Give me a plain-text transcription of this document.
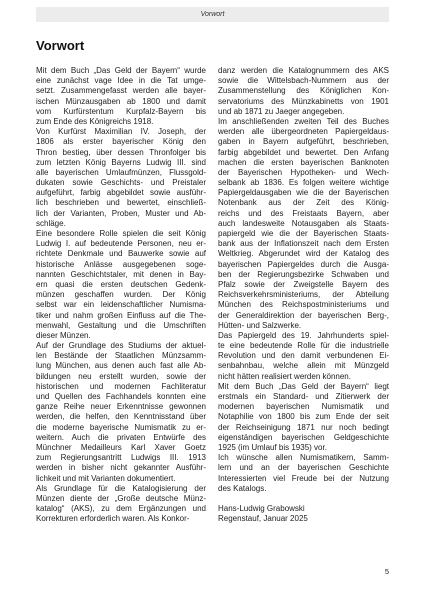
Vorwort
Vorwort
Mit dem Buch „Das Geld der Bayern“ wurde
eine zunächst vage Idee in die Tat umge-
setzt. Zusammengefasst werden alle bayer-
ischen Münzausgaben ab 1800 und damit
vom Kurfürstentum Kurpfalz-Bayern bis
zum Ende des Königreichs 1918.
Von Kurfürst Maximilian IV. Joseph, der
1806 als erster bayerischer König den
Thron bestieg, über dessen Thronfolger bis
zum letzten König Bayerns Ludwig III. sind
alle bayerischen Umlaufmünzen, Flussgold-
dukaten sowie Geschichts- und Preistaler
aufgeführt, farbig abgebildet sowie ausführ-
lich beschrieben und bewertet, einschließ-
lich der Varianten, Proben, Muster und Ab-
schläge.
Eine besondere Rolle spielen die seit König
Ludwig I. auf bedeutende Personen, neu er-
richtete Denkmale und Bauwerke sowie auf
historische Anlässe ausgegebenen soge-
nannten Geschichtstaler, mit denen in Bay-
ern quasi die ersten deutschen Gedenk-
münzen geschaffen wurden. Der König
selbst war ein leidenschaftlicher Numisma-
tiker und nahm großen Einfluss auf die The-
menwahl, Gestaltung und die Umschriften
dieser Münzen.
Auf der Grundlage des Studiums der aktuel-
len Bestände der Staatlichen Münzsamm-
lung München, aus denen auch fast alle Ab-
bildungen neu erstellt wurden, sowie der
historischen und modernen Fachliteratur
und Quellen des Fachhandels konnten eine
ganze Reihe neuer Erkenntnisse gewonnen
werden, die helfen, den Kenntnisstand über
die moderne bayerische Numismatik zu er-
weitern. Auch die privaten Entwürfe des
Münchner Medailleurs Karl Xaver Goetz
zum Regierungsantritt Ludwigs III. 1913
werden in bisher nicht gekannter Ausführ-
lichkeit und mit Varianten dokumentiert.
Als Grundlage für die Katalogisierung der
Münzen diente der „Große deutsche Münz-
katalog“ (AKS), zu dem Ergänzungen und
Korrekturen erforderlich waren. Als Konkor-
danz werden die Katalognummern des AKS
sowie die Wittelsbach-Nummern aus der
Zusammenstellung des Königlichen Kon-
servatoriums des Münzkabinetts von 1901
und ab 1871 zu Jaeger angegeben.
Im anschließenden zweiten Teil des Buches
werden alle übergeordneten Papiergeldaus-
gaben in Bayern aufgeführt, beschrieben,
farbig abgebildet und bewertet. Den Anfang
machen die ersten bayerischen Banknoten
der Bayerischen Hypotheken- und Wech-
selbank ab 1836. Es folgen weitere wichtige
Papiergeldausgaben wie die der Bayerischen
Notenbank aus der Zeit des König-
reichs und des Freistaats Bayern, aber
auch landesweite Notausgaben als Staats-
papiergeld wie die der Bayerischen Staats-
bank aus der Inflationszeit nach dem Ersten
Weltkrieg. Abgerundet wird der Katalog des
bayerischen Papiergeldes durch die Ausga-
ben der Regierungsbezirke Schwaben und
Pfalz sowie der Zweigstelle Bayern des
Reichsverkehrsministeriums, der Abteilung
München des Reichspostministeriums und
der Generaldirektion der bayerischen Berg-,
Hütten- und Salzwerke.
Das Papiergeld des 19. Jahrhunderts spiel-
te eine bedeutende Rolle für die industrielle
Revolution und den damit verbundenen Ei-
senbahnbau, welche allein mit Münzgeld
nicht hätten realisiert werden können.
Mit dem Buch „Das Geld der Bayern“ liegt
erstmals ein Standard- und Zitierwerk der
modernen bayerischen Numismatik und
Notaphilie von 1800 bis zum Ende der seit
der Reichseinigung 1871 nur noch bedingt
eigenständigen bayerischen Geldgeschichte
1925 (im Umlauf bis 1935) vor.
Ich wünsche allen Numismatikern, Samm-
lern und an der bayerischen Geschichte
Interessierten viel Freude bei der Nutzung
des Katalogs.
Hans-Ludwig Grabowski
Regenstauf, Januar 2025
5
